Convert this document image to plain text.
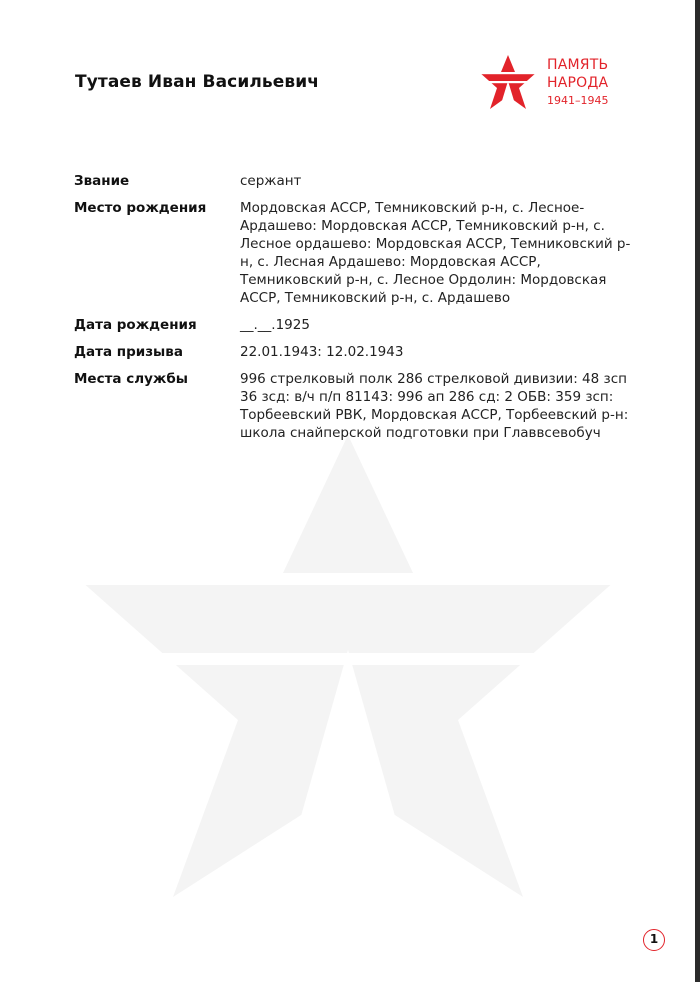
Тутаев Иван Васильевич
ПАМЯТЬ
НАРОДА
1941–1945
Звание	сержант
Место рождения	Мордовская АССР, Темниковский р-н, с. Лесное-Ардашево: Мордовская АССР, Темниковский р-н, с. Лесное ордашево: Мордовская АССР, Темниковский р-н, с. Лесная Ардашево: Мордовская АССР, Темниковский р-н, с. Лесное Ордолин: Мордовская АССР, Темниковский р-н, с. Ардашево
Дата рождения	__.__.1925
Дата призыва	22.01.1943: 12.02.1943
Места службы	996 стрелковый полк 286 стрелковой дивизии: 48 зсп 36 зсд: в/ч п/п 81143: 996 ап 286 сд: 2 ОБВ: 359 зсп: Торбеевский РВК, Мордовская АССР, Торбеевский р-н: школа снайперской подготовки при Главвсевобуч
1
